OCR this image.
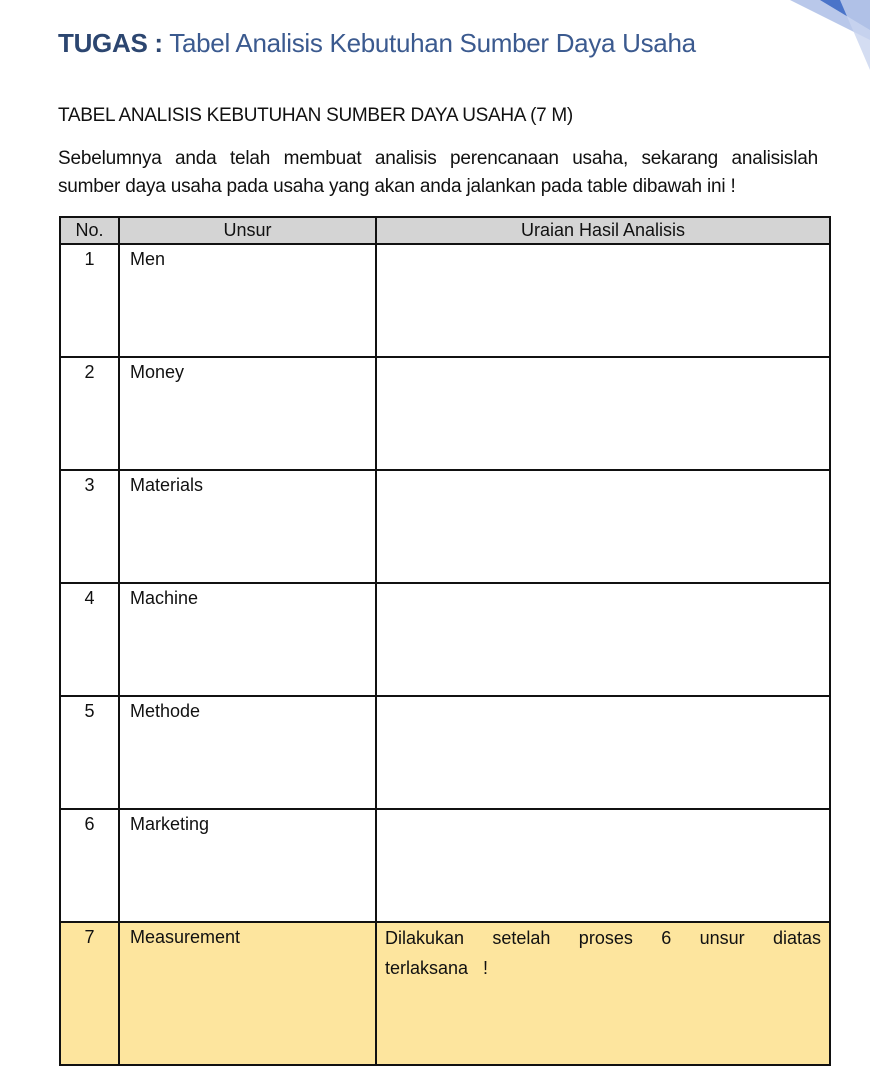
TUGAS : Tabel Analisis Kebutuhan Sumber Daya Usaha
TABEL ANALISIS KEBUTUHAN SUMBER DAYA USAHA (7 M)
Sebelumnya anda telah membuat analisis perencanaan usaha, sekarang analisislah sumber daya usaha pada usaha yang akan anda jalankan pada table dibawah ini !
No.	Unsur	Uraian Hasil Analisis
1	Men	
2	Money	
3	Materials	
4	Machine	
5	Methode	
6	Marketing	
7	Measurement	Dilakukan setelah proses 6 unsur diatas terlaksana !
